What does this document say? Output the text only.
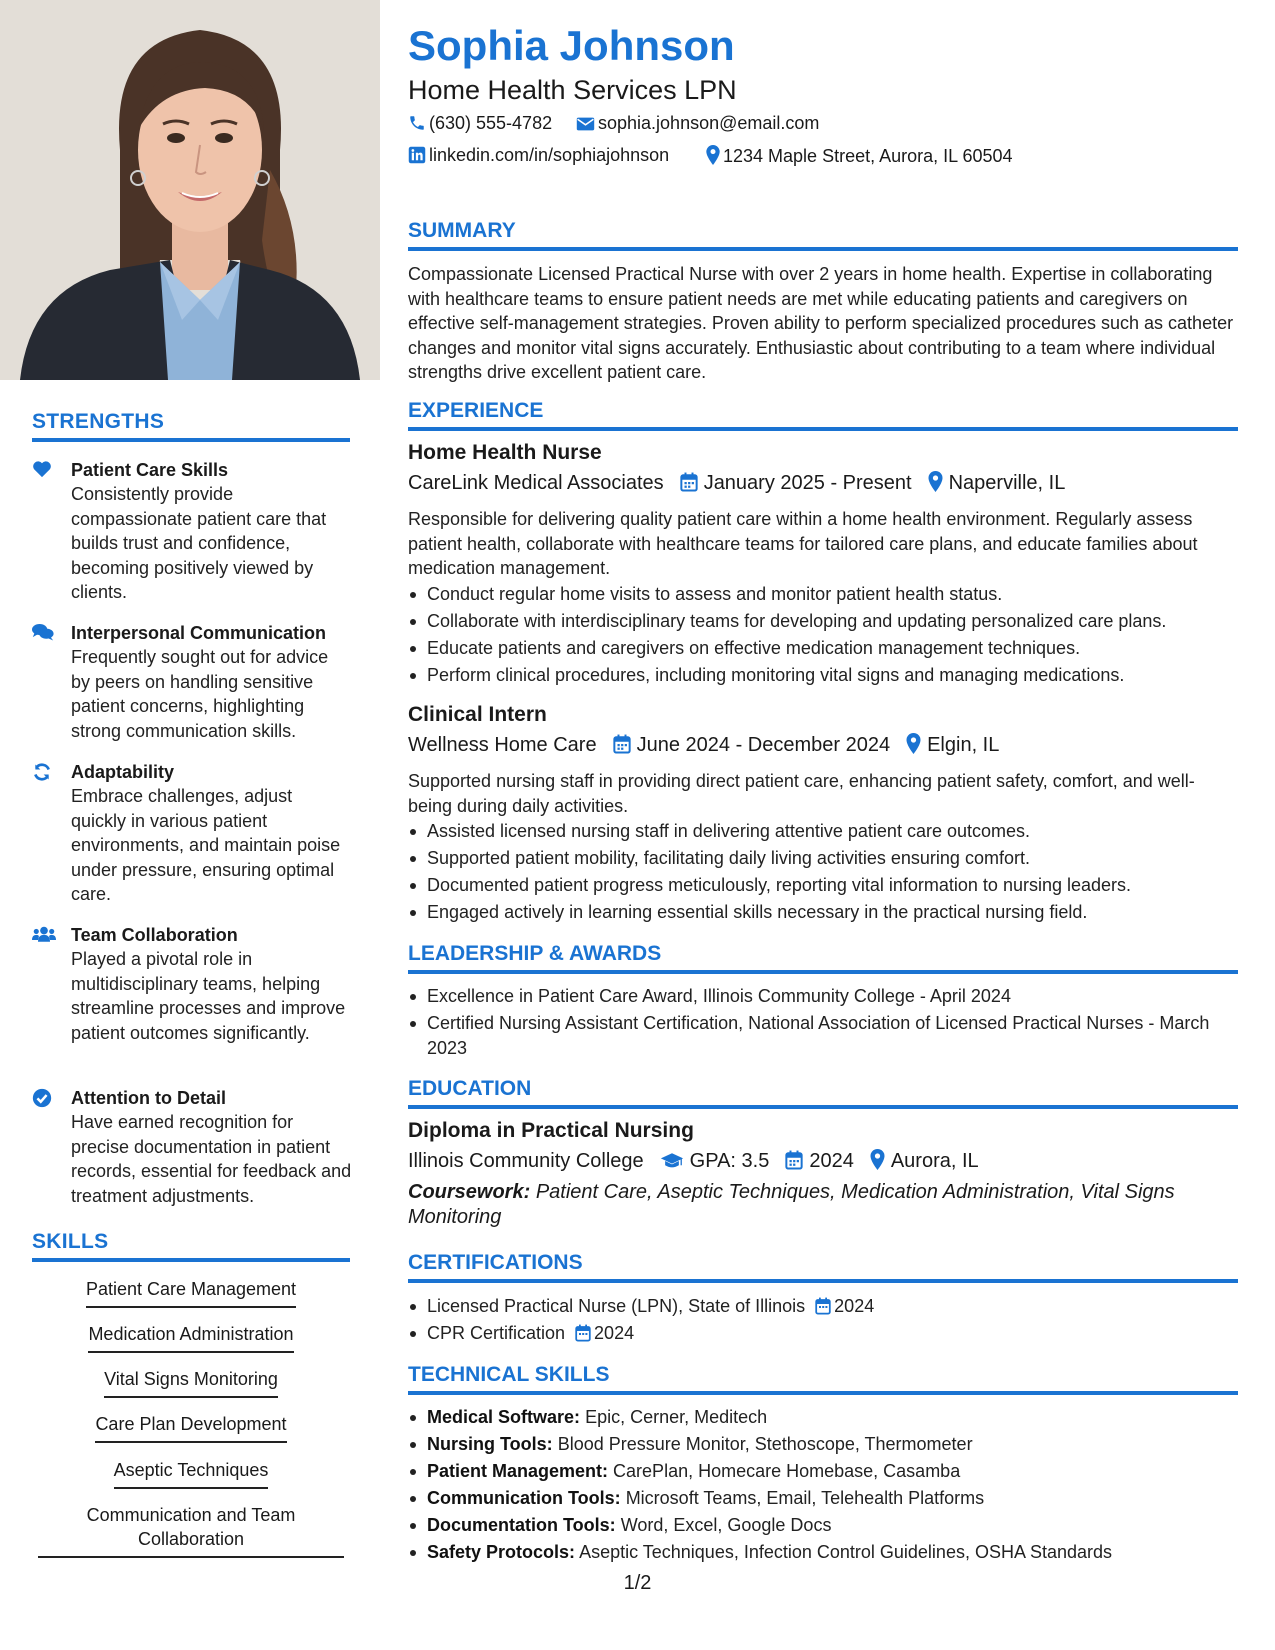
STRENGTHS
Patient Care Skills
Consistently provide compassionate patient care that builds trust and confidence, becoming positively viewed by clients.
Interpersonal Communication
Frequently sought out for advice by peers on handling sensitive patient concerns, highlighting strong communication skills.
Adaptability
Embrace challenges, adjust quickly in various patient environments, and maintain poise under pressure, ensuring optimal care.
Team Collaboration
Played a pivotal role in multidisciplinary teams, helping streamline processes and improve patient outcomes significantly.
Attention to Detail
Have earned recognition for precise documentation in patient records, essential for feedback and treatment adjustments.
SKILLS
Patient Care Management
Medication Administration
Vital Signs Monitoring
Care Plan Development
Aseptic Techniques
Communication and Team Collaboration
Sophia Johnson
Home Health Services LPN
(630) 555-4782	sophia.johnson@email.com
linkedin.com/in/sophiajohnson	1234 Maple Street, Aurora, IL 60504
SUMMARY
Compassionate Licensed Practical Nurse with over 2 years in home health. Expertise in collaborating with healthcare teams to ensure patient needs are met while educating patients and caregivers on effective self-management strategies. Proven ability to perform specialized procedures such as catheter changes and monitor vital signs accurately. Enthusiastic about contributing to a team where individual strengths drive excellent patient care.
EXPERIENCE
Home Health Nurse
CareLink Medical Associates January 2025 - Present Naperville, IL
Responsible for delivering quality patient care within a home health environment. Regularly assess patient health, collaborate with healthcare teams for tailored care plans, and educate families about medication management.
Conduct regular home visits to assess and monitor patient health status.
Collaborate with interdisciplinary teams for developing and updating personalized care plans.
Educate patients and caregivers on effective medication management techniques.
Perform clinical procedures, including monitoring vital signs and managing medications.
Clinical Intern
Wellness Home Care June 2024 - December 2024 Elgin, IL
Supported nursing staff in providing direct patient care, enhancing patient safety, comfort, and well-being during daily activities.
Assisted licensed nursing staff in delivering attentive patient care outcomes.
Supported patient mobility, facilitating daily living activities ensuring comfort.
Documented patient progress meticulously, reporting vital information to nursing leaders.
Engaged actively in learning essential skills necessary in the practical nursing field.
LEADERSHIP & AWARDS
Excellence in Patient Care Award, Illinois Community College - April 2024
Certified Nursing Assistant Certification, National Association of Licensed Practical Nurses - March 2023
EDUCATION
Diploma in Practical Nursing
Illinois Community College GPA: 3.5 2024 Aurora, IL
Coursework: Patient Care, Aseptic Techniques, Medication Administration, Vital Signs Monitoring
CERTIFICATIONS
Licensed Practical Nurse (LPN), State of Illinois 2024
CPR Certification 2024
TECHNICAL SKILLS
Medical Software: Epic, Cerner, Meditech
Nursing Tools: Blood Pressure Monitor, Stethoscope, Thermometer
Patient Management: CarePlan, Homecare Homebase, Casamba
Communication Tools: Microsoft Teams, Email, Telehealth Platforms
Documentation Tools: Word, Excel, Google Docs
Safety Protocols: Aseptic Techniques, Infection Control Guidelines, OSHA Standards
1/2
